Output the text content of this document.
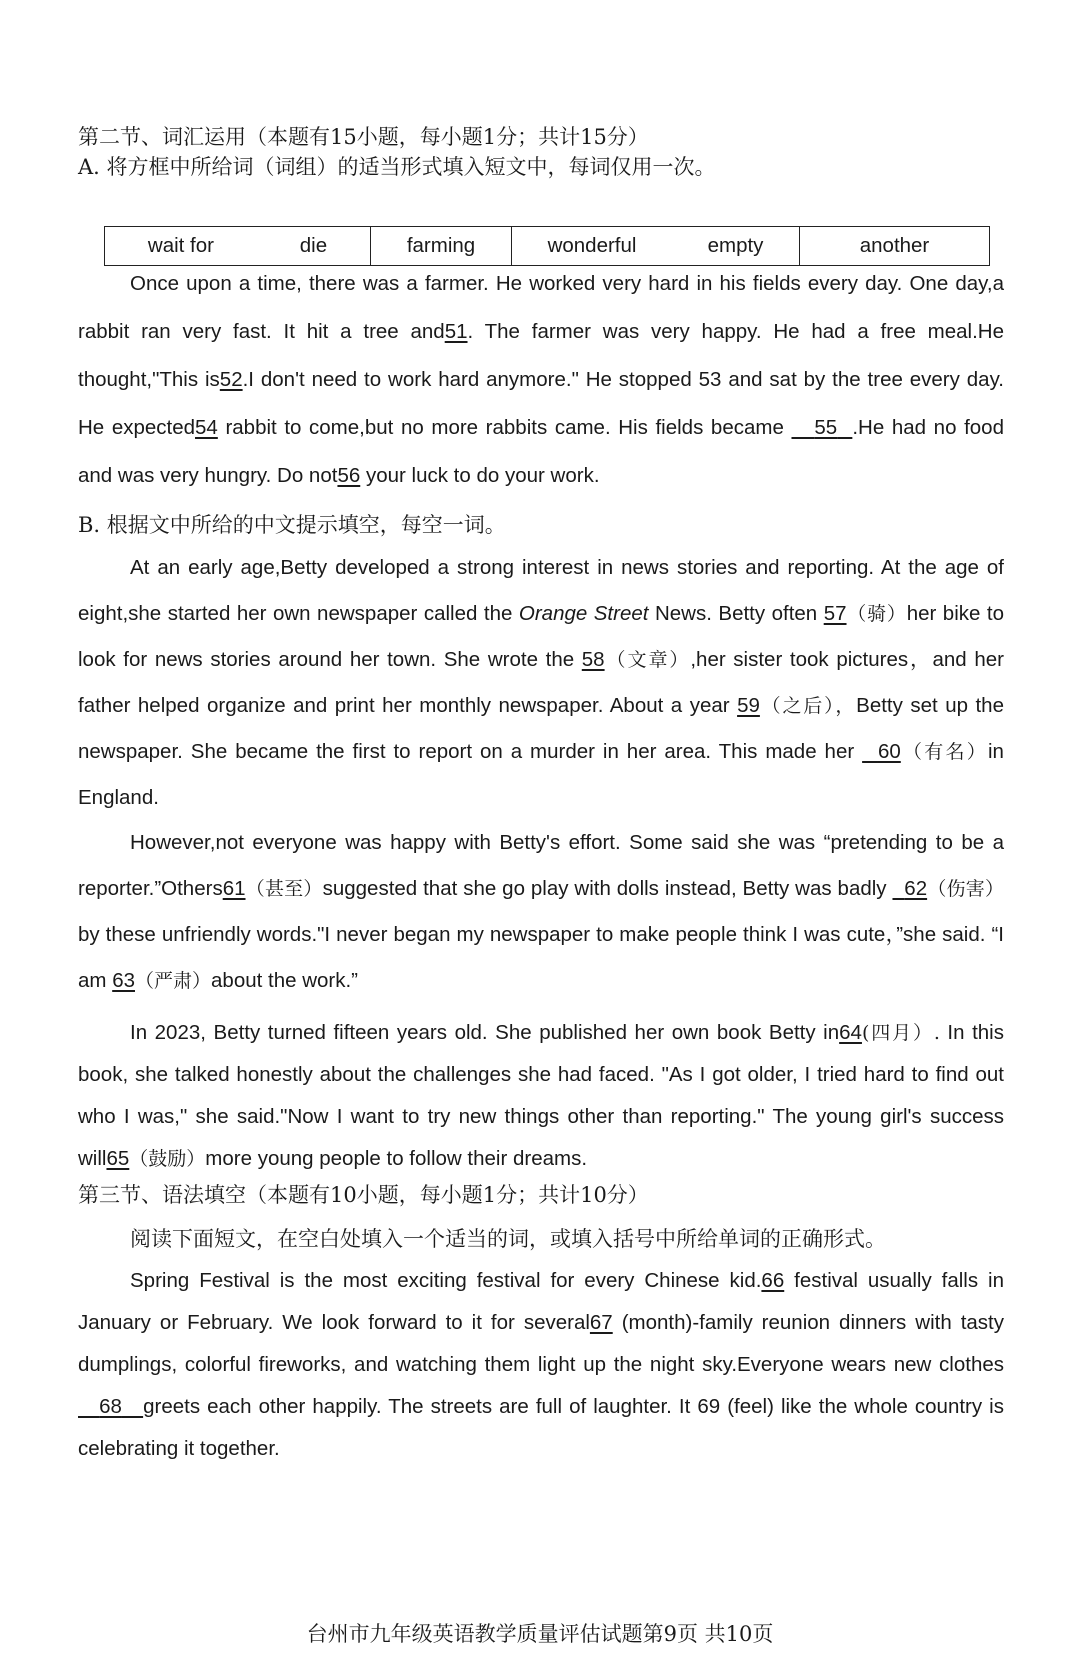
第二节、词汇运用（本题有15小题，每小题1分；共计15分）
A. 将方框中所给词（词组）的适当形式填入短文中，每词仅用一次。
wait for	die	farming	wonderful	empty	another

Once upon a time, there was a farmer. He worked very hard in his fields every day. One day,a rabbit ran very fast. It hit a tree and51. The farmer was very happy. He had a free meal.He thought,"This is52.I don't need to work hard anymore." He stopped 53 and sat by the tree every day. He expected54 rabbit to come,but no more rabbits came. His fields became 55 .He had no food and was very hungry. Do not56 your luck to do your work.

B. 根据文中所给的中文提示填空，每空一词。

At an early age,Betty developed a strong interest in news stories and reporting. At the age of eight,she started her own newspaper called the Orange Street News. Betty often 57（骑）her bike to look for news stories around her town. She wrote the 58（文章）,her sister took pictures，and her father helped organize and print her monthly newspaper. About a year 59（之后），Betty set up the newspaper. She became the first to report on a murder in her area. This made her 60（有名）in England.

However,not everyone was happy with Betty's effort. Some said she was “pretending to be a reporter.”Others61（甚至）suggested that she go play with dolls instead, Betty was badly 62（伤害）by these unfriendly words."I never began my newspaper to make people think I was cute，”she said. “I am 63（严肃）about the work.”

In 2023, Betty turned fifteen years old. She published her own book Betty in64(四月）. In this book, she talked honestly about the challenges she had faced. "As I got older, I tried hard to find out who I was," she said."Now I want to try new things other than reporting." The young girl's success will65（鼓励）more young people to follow their dreams.

第三节、语法填空（本题有10小题，每小题1分；共计10分）
阅读下面短文，在空白处填入一个适当的词，或填入括号中所给单词的正确形式。

Spring Festival is the most exciting festival for every Chinese kid.66 festival usually falls in January or February. We look forward to it for several67 (month)-family reunion dinners with tasty dumplings, colorful fireworks, and watching them light up the night sky.Everyone wears new clothes    68 greets each other happily. The streets are full of laughter. It 69 (feel) like the whole country is celebrating it together.

台州市九年级英语教学质量评估试题第9页 共10页
